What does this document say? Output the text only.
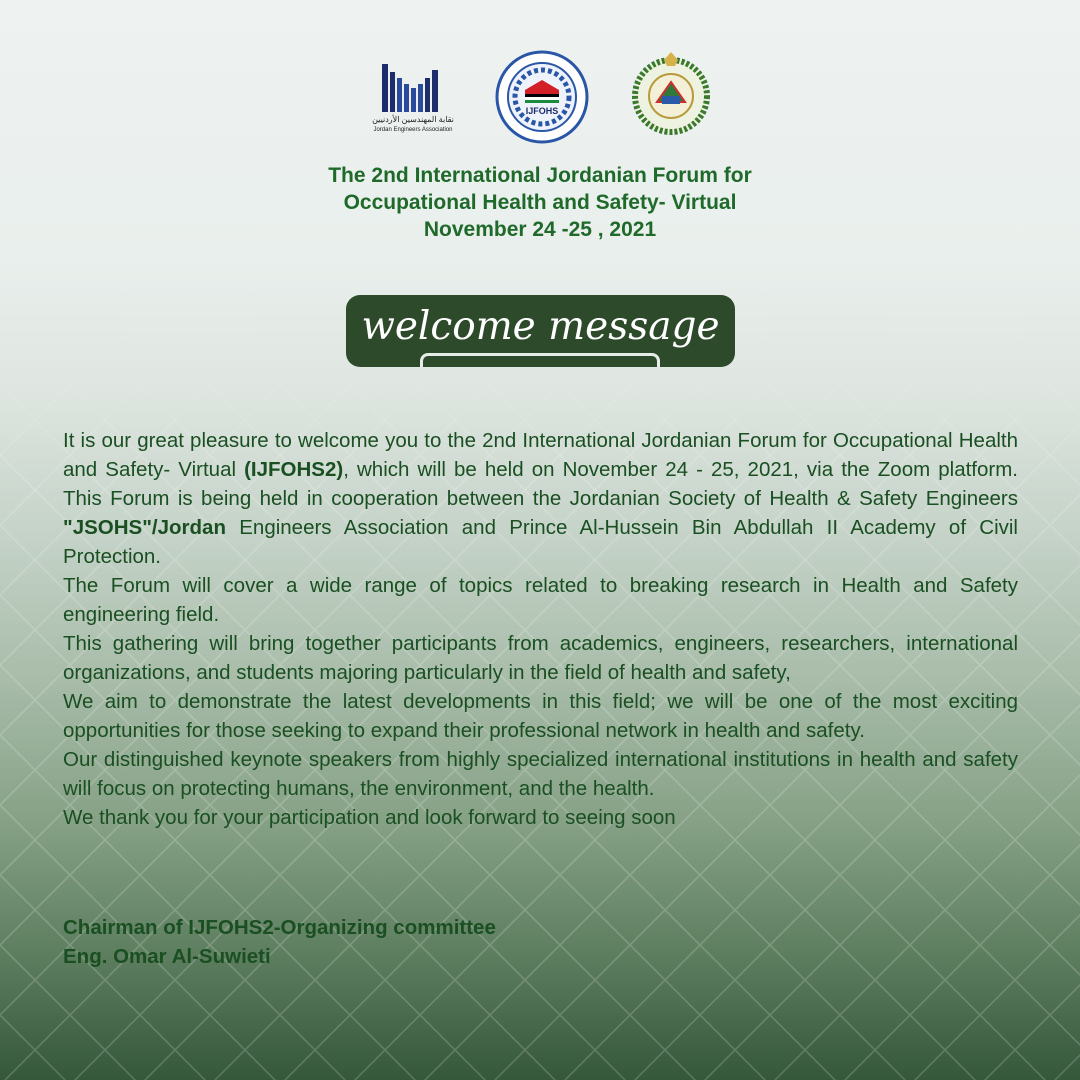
نقابة المهندسين الأردنيين
Jordan Engineers Association
IJFOHS
The 2nd International Jordanian Forum for
Occupational Health and Safety- Virtual
November 24 -25 , 2021
welcome message

It is our great pleasure to welcome you to the 2nd International Jordanian Forum for Occupational Health and Safety- Virtual (IJFOHS2), which will be held on November 24 - 25, 2021, via the Zoom platform. This Forum is being held in cooperation between the Jordanian Society of Health & Safety Engineers "JSOHS"/Jordan Engineers Association and Prince Al-Hussein Bin Abdullah II Academy of Civil Protection.

The Forum will cover a wide range of topics related to breaking research in Health and Safety engineering field.

This gathering will bring together participants from academics, engineers, researchers, international organizations, and students majoring particularly in the field of health and safety,

We aim to demonstrate the latest developments in this field; we will be one of the most exciting opportunities for those seeking to expand their professional network in health and safety.

Our distinguished keynote speakers from highly specialized international institutions in health and safety will focus on protecting humans, the environment, and the health.

We thank you for your participation and look forward to seeing soon

Chairman of IJFOHS2-Organizing committee
Eng. Omar Al-Suwieti
